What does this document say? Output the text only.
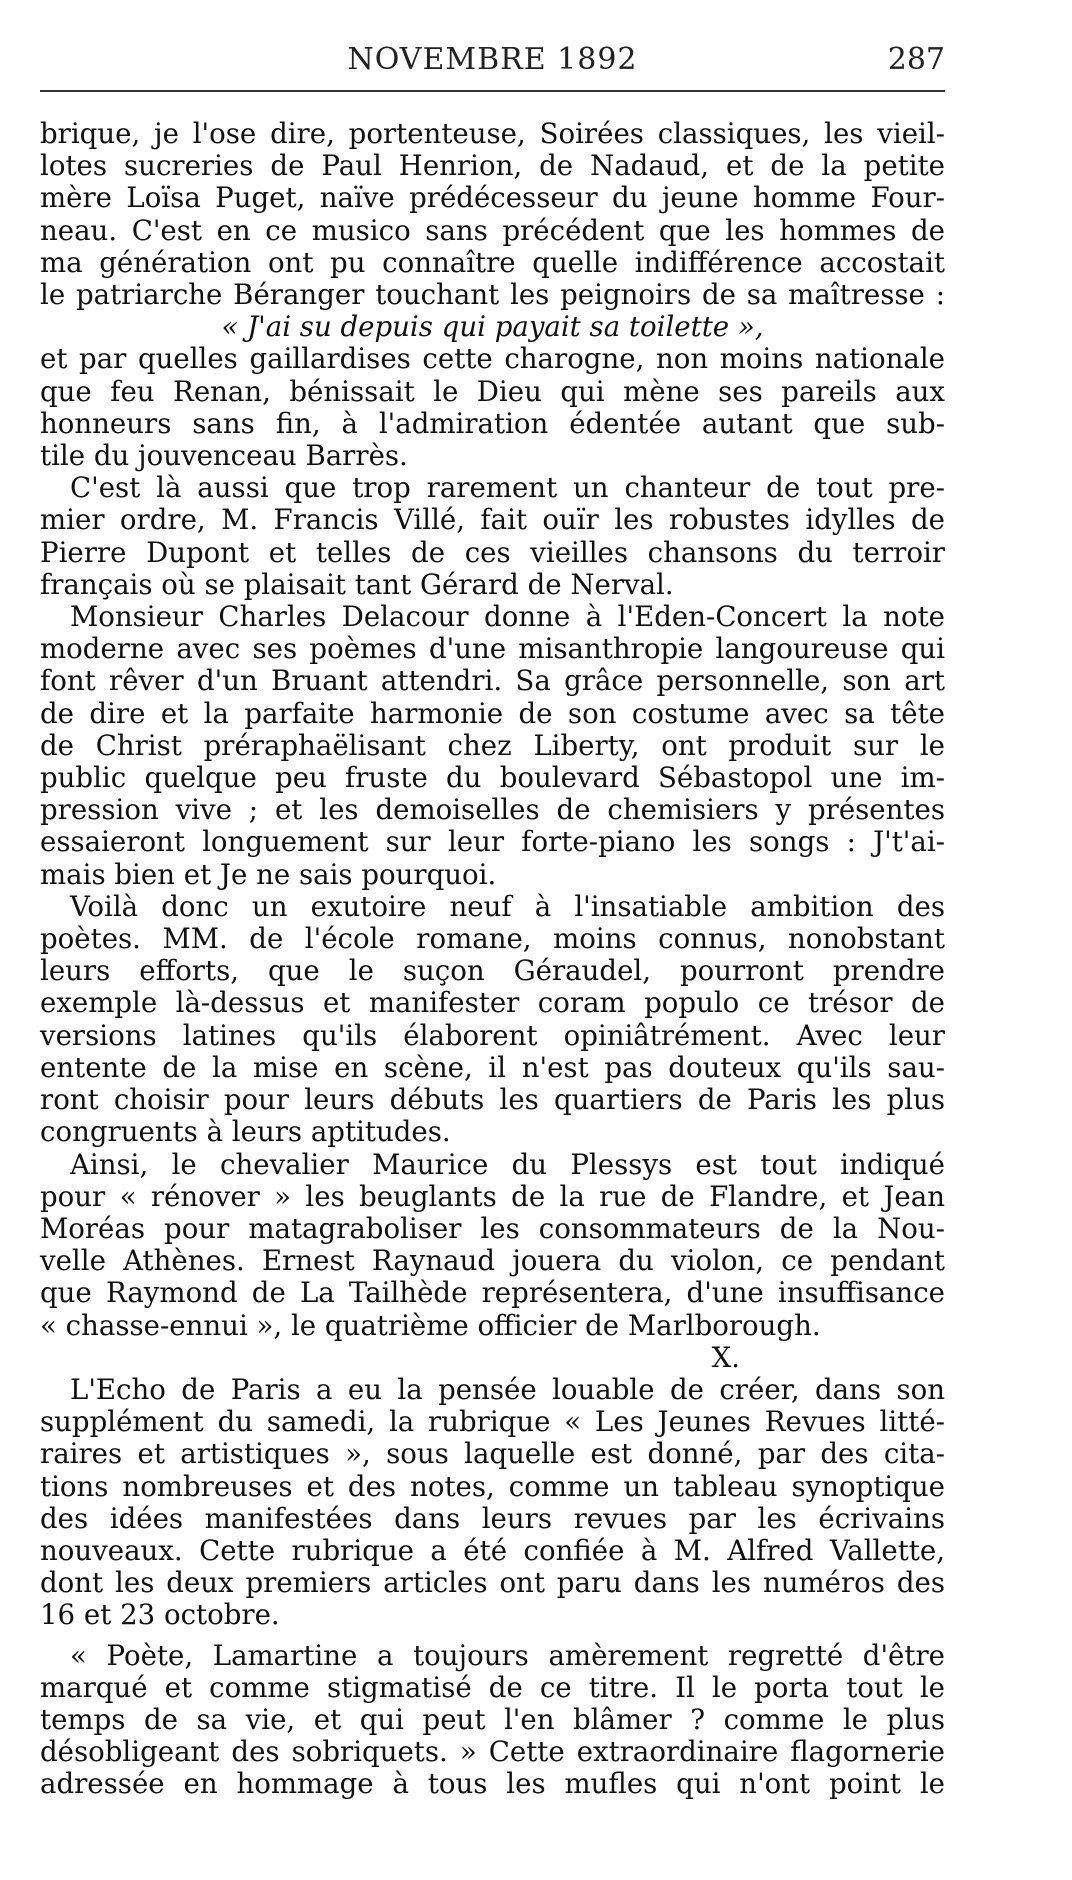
NOVEMBRE 1892	287

brique, je l'ose dire, portenteuse, Soirées classiques, les vieil-

lotes sucreries de Paul Henrion, de Nadaud, et de la petite

mère Loïsa Puget, naïve prédécesseur du jeune homme Four-

neau. C'est en ce musico sans précédent que les hommes de

ma génération ont pu connaître quelle indifférence accostait

le patriarche Béranger touchant les peignoirs de sa maîtresse :

« J'ai su depuis qui payait sa toilette »,

et par quelles gaillardises cette charogne, non moins nationale

que feu Renan, bénissait le Dieu qui mène ses pareils aux

honneurs sans fin, à l'admiration édentée autant que sub-

tile du jouvenceau Barrès.

C'est là aussi que trop rarement un chanteur de tout pre-

mier ordre, M. Francis Villé, fait ouïr les robustes idylles de

Pierre Dupont et telles de ces vieilles chansons du terroir

français où se plaisait tant Gérard de Nerval.

Monsieur Charles Delacour donne à l'Eden-Concert la note

moderne avec ses poèmes d'une misanthropie langoureuse qui

font rêver d'un Bruant attendri. Sa grâce personnelle, son art

de dire et la parfaite harmonie de son costume avec sa tête

de Christ préraphaëlisant chez Liberty, ont produit sur le

public quelque peu fruste du boulevard Sébastopol une im-

pression vive ; et les demoiselles de chemisiers y présentes

essaieront longuement sur leur forte-piano les songs : J't'ai-

mais bien et Je ne sais pourquoi.

Voilà donc un exutoire neuf à l'insatiable ambition des

poètes. MM. de l'école romane, moins connus, nonobstant

leurs efforts, que le suçon Géraudel, pourront prendre

exemple là-dessus et manifester coram populo ce trésor de

versions latines qu'ils élaborent opiniâtrément. Avec leur

entente de la mise en scène, il n'est pas douteux qu'ils sau-

ront choisir pour leurs débuts les quartiers de Paris les plus

congruents à leurs aptitudes.

Ainsi, le chevalier Maurice du Plessys est tout indiqué

pour « rénover » les beuglants de la rue de Flandre, et Jean

Moréas pour matagraboliser les consommateurs de la Nou-

velle Athènes. Ernest Raynaud jouera du violon, ce pendant

que Raymond de La Tailhède représentera, d'une insuffisance

« chasse-ennui », le quatrième officier de Marlborough.

X.

L'Echo de Paris a eu la pensée louable de créer, dans son

supplément du samedi, la rubrique « Les Jeunes Revues litté-

raires et artistiques », sous laquelle est donné, par des cita-

tions nombreuses et des notes, comme un tableau synoptique

des idées manifestées dans leurs revues par les écrivains

nouveaux. Cette rubrique a été confiée à M. Alfred Vallette,

dont les deux premiers articles ont paru dans les numéros des

16 et 23 octobre.

« Poète, Lamartine a toujours amèrement regretté d'être

marqué et comme stigmatisé de ce titre. Il le porta tout le

temps de sa vie, et qui peut l'en blâmer ? comme le plus

désobligeant des sobriquets. » Cette extraordinaire flagornerie

adressée en hommage à tous les mufles qui n'ont point le
